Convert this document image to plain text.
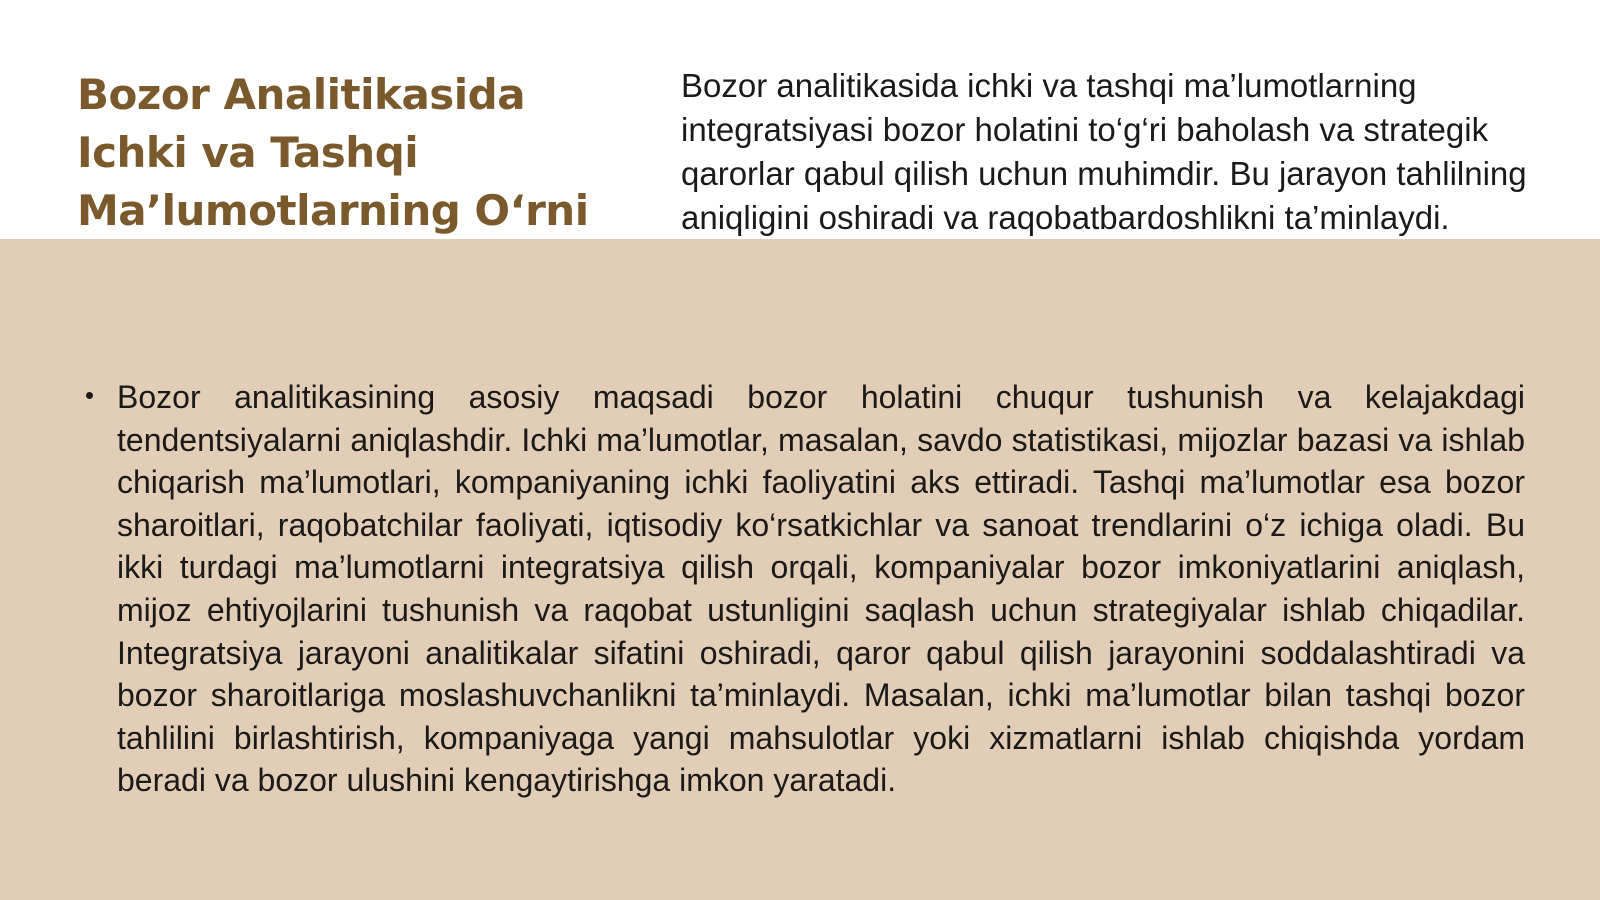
Bozor Analitikasida Ichki va Tashqi Ma’lumotlarning O‘rni

Bozor analitikasida ichki va tashqi ma’lumotlarning integratsiyasi bozor holatini to‘g‘ri baholash va strategik qarorlar qabul qilish uchun muhimdir. Bu jarayon tahlilning aniqligini oshiradi va raqobatbardoshlikni ta’minlaydi.

Bozor analitikasining asosiy maqsadi bozor holatini chuqur tushunish va kelajakdagi tendentsiyalarni aniqlashdir. Ichki ma’lumotlar, masalan, savdo statistikasi, mijozlar bazasi va ishlab chiqarish ma’lumotlari, kompaniyaning ichki faoliyatini aks ettiradi. Tashqi ma’lumotlar esa bozor sharoitlari, raqobatchilar faoliyati, iqtisodiy ko‘rsatkichlar va sanoat trendlarini o‘z ichiga oladi. Bu ikki turdagi ma’lumotlarni integratsiya qilish orqali, kompaniyalar bozor imkoniyatlarini aniqlash, mijoz ehtiyojlarini tushunish va raqobat ustunligini saqlash uchun strategiyalar ishlab chiqadilar. Integratsiya jarayoni analitikalar sifatini oshiradi, qaror qabul qilish jarayonini soddalashtiradi va bozor sharoitlariga moslashuvchanlikni ta’minlaydi. Masalan, ichki ma’lumotlar bilan tashqi bozor tahlilini birlashtirish, kompaniyaga yangi mahsulotlar yoki xizmatlarni ishlab chiqishda yordam beradi va bozor ulushini kengaytirishga imkon yaratadi.
